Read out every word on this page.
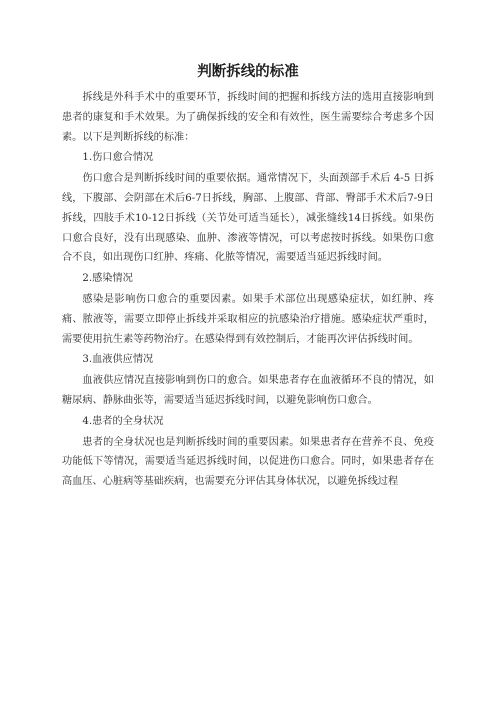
判断拆线的标准

拆线是外科手术中的重要环节，拆线时间的把握和拆线方法的选用直接影响到患者的康复和手术效果。为了确保拆线的安全和有效性，医生需要综合考虑多个因素。以下是判断拆线的标准：

1.伤口愈合情况

伤口愈合是判断拆线时间的重要依据。通常情况下，头面颈部手术后 4-5 日拆线，下腹部、会阴部在术后6-7日拆线，胸部、上腹部、背部、臀部手术术后7-9日拆线，四肢手术10-12日拆线（关节处可适当延长），减张缝线14日拆线。如果伤口愈合良好，没有出现感染、血肿、渗液等情况，可以考虑按时拆线。如果伤口愈合不良，如出现伤口红肿、疼痛、化脓等情况，需要适当延迟拆线时间。

2.感染情况

感染是影响伤口愈合的重要因素。如果手术部位出现感染症状，如红肿、疼痛、脓液等，需要立即停止拆线并采取相应的抗感染治疗措施。感染症状严重时，需要使用抗生素等药物治疗。在感染得到有效控制后，才能再次评估拆线时间。

3.血液供应情况

血液供应情况直接影响到伤口的愈合。如果患者存在血液循环不良的情况，如糖尿病、静脉曲张等，需要适当延迟拆线时间，以避免影响伤口愈合。

4.患者的全身状况

患者的全身状况也是判断拆线时间的重要因素。如果患者存在营养不良、免疫功能低下等情况，需要适当延迟拆线时间，以促进伤口愈合。同时，如果患者存在高血压、心脏病等基础疾病，也需要充分评估其身体状况，以避免拆线过程
